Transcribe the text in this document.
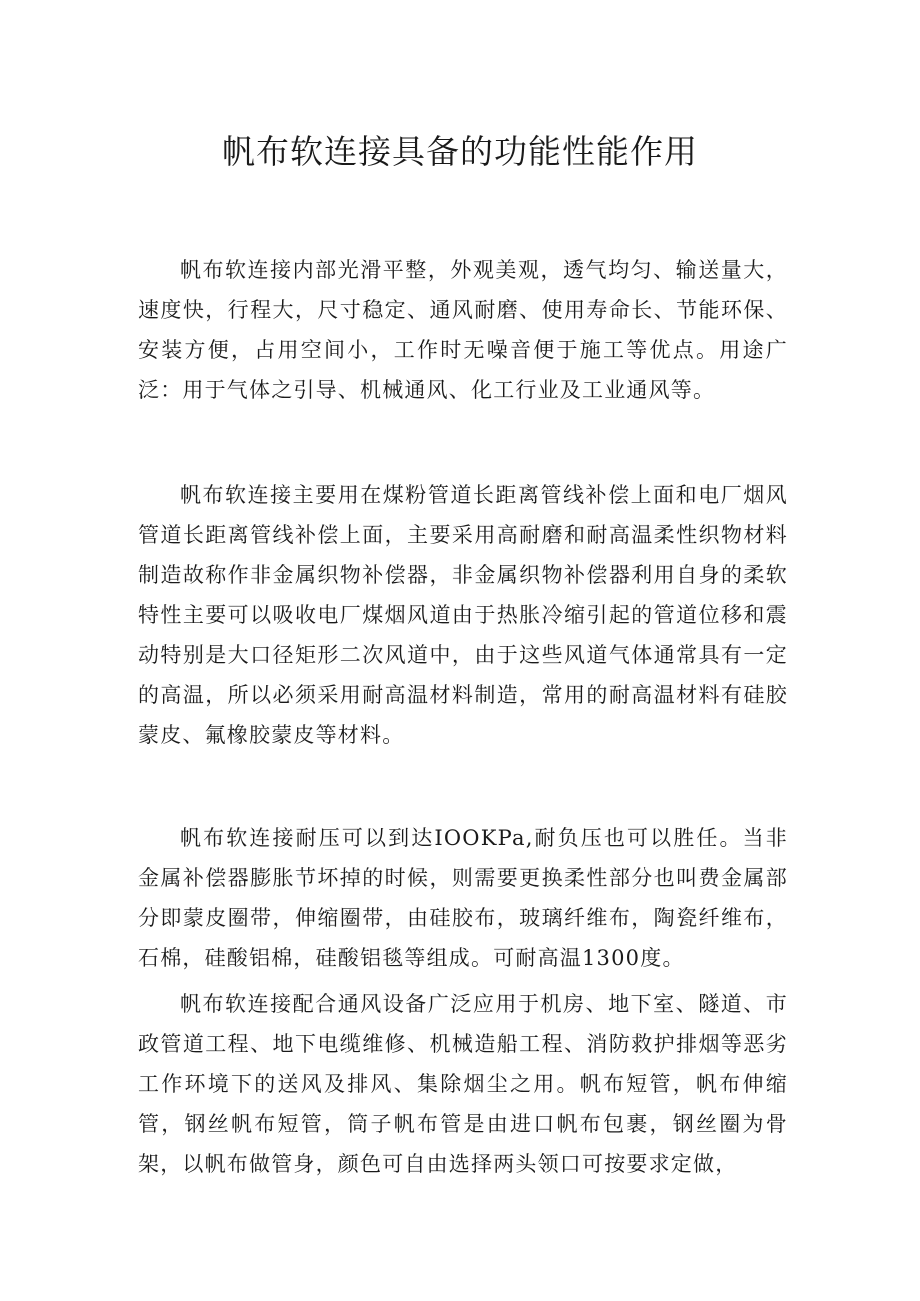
帆布软连接具备的功能性能作用

帆布软连接内部光滑平整，外观美观，透气均匀、输送量大，速度快，行程大，尺寸稳定、通风耐磨、使用寿命长、节能环保、安装方便，占用空间小，工作时无噪音便于施工等优点。用途广泛：用于气体之引导、机械通风、化工行业及工业通风等。

帆布软连接主要用在煤粉管道长距离管线补偿上面和电厂烟风管道长距离管线补偿上面，主要采用高耐磨和耐高温柔性织物材料制造故称作非金属织物补偿器，非金属织物补偿器利用自身的柔软特性主要可以吸收电厂煤烟风道由于热胀冷缩引起的管道位移和震动特别是大口径矩形二次风道中，由于这些风道气体通常具有一定的高温，所以必须采用耐高温材料制造，常用的耐高温材料有硅胶蒙皮、氟橡胶蒙皮等材料。

帆布软连接耐压可以到达IOOKPa,耐负压也可以胜任。当非金属补偿器膨胀节坏掉的时候，则需要更换柔性部分也叫费金属部分即蒙皮圈带，伸缩圈带，由硅胶布，玻璃纤维布，陶瓷纤维布，石棉，硅酸铝棉，硅酸铝毯等组成。可耐高温1300度。

帆布软连接配合通风设备广泛应用于机房、地下室、隧道、市政管道工程、地下电缆维修、机械造船工程、消防救护排烟等恶劣工作环境下的送风及排风、集除烟尘之用。帆布短管，帆布伸缩管，钢丝帆布短管，筒子帆布管是由进口帆布包裹，钢丝圈为骨架，以帆布做管身，颜色可自由选择两头领口可按要求定做，
